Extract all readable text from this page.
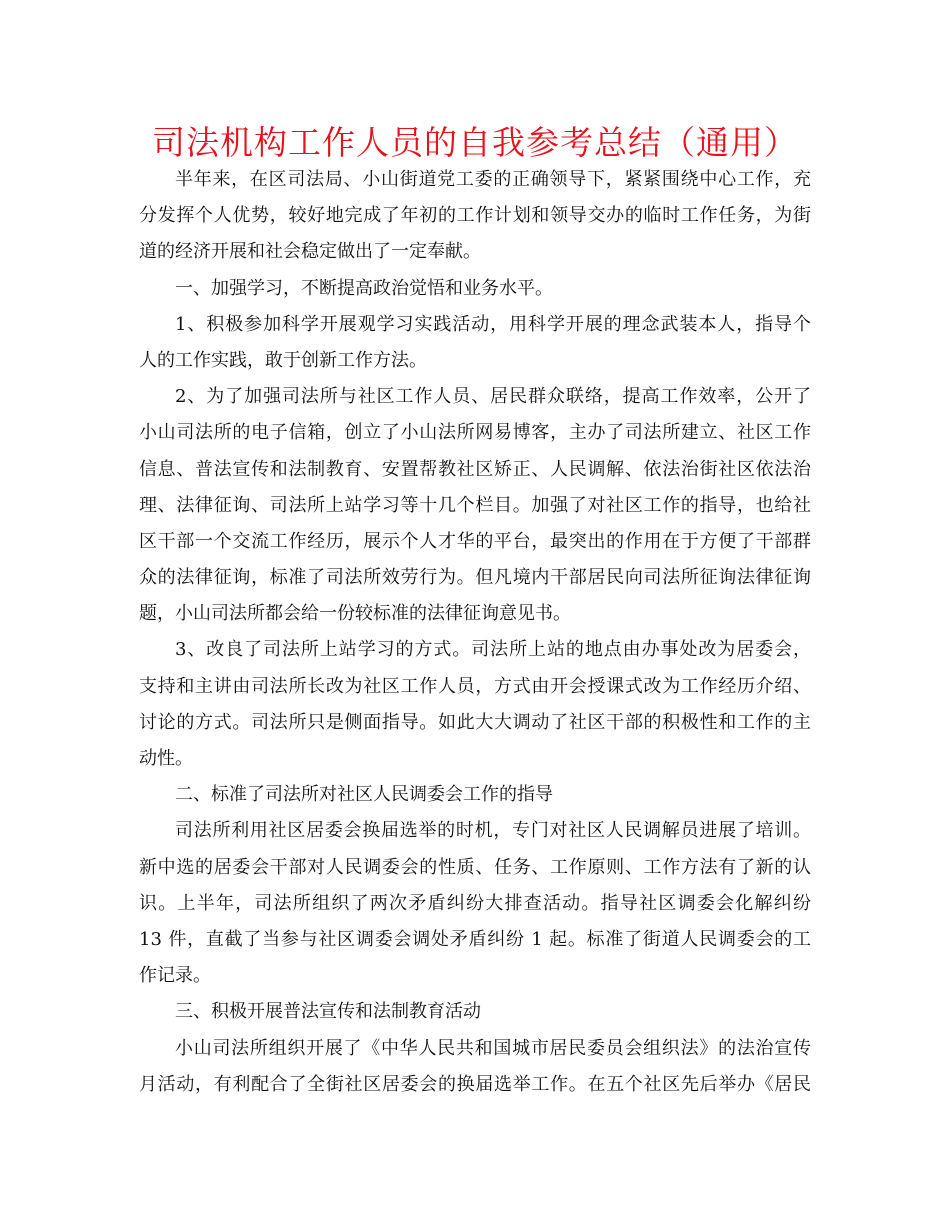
司法机构工作人员的自我参考总结（通用）
半年来，在区司法局、小山街道党工委的正确领导下，紧紧围绕中心工作，充
分发挥个人优势，较好地完成了年初的工作计划和领导交办的临时工作任务，为街
道的经济开展和社会稳定做出了一定奉献。
一、加强学习，不断提高政治觉悟和业务水平。
1、积极参加科学开展观学习实践活动，用科学开展的理念武装本人，指导个
人的工作实践，敢于创新工作方法。
2、为了加强司法所与社区工作人员、居民群众联络，提高工作效率，公开了
小山司法所的电子信箱，创立了小山法所网易博客，主办了司法所建立、社区工作
信息、普法宣传和法制教育、安置帮教社区矫正、人民调解、依法治街社区依法治
理、法律征询、司法所上站学习等十几个栏目。加强了对社区工作的指导，也给社
区干部一个交流工作经历，展示个人才华的平台，最突出的作用在于方便了干部群
众的法律征询，标准了司法所效劳行为。但凡境内干部居民向司法所征询法律征询
题，小山司法所都会给一份较标准的法律征询意见书。
3、改良了司法所上站学习的方式。司法所上站的地点由办事处改为居委会，
支持和主讲由司法所长改为社区工作人员，方式由开会授课式改为工作经历介绍、
讨论的方式。司法所只是侧面指导。如此大大调动了社区干部的积极性和工作的主
动性。
二、标准了司法所对社区人民调委会工作的指导
司法所利用社区居委会换届选举的时机，专门对社区人民调解员进展了培训。
新中选的居委会干部对人民调委会的性质、任务、工作原则、工作方法有了新的认
识。上半年，司法所组织了两次矛盾纠纷大排查活动。指导社区调委会化解纠纷
13 件，直截了当参与社区调委会调处矛盾纠纷 1 起。标准了街道人民调委会的工
作记录。
三、积极开展普法宣传和法制教育活动
小山司法所组织开展了《中华人民共和国城市居民委员会组织法》的法治宣传
月活动，有利配合了全街社区居委会的换届选举工作。在五个社区先后举办《居民
